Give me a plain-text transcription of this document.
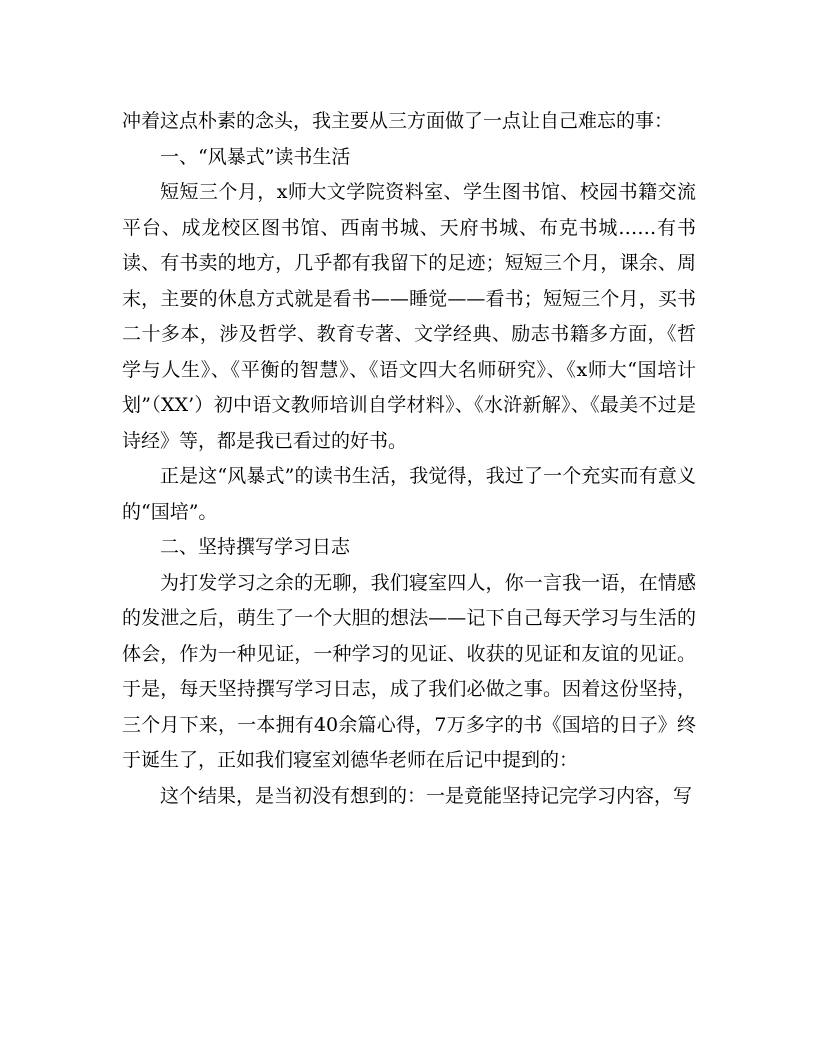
冲着这点朴素的念头，我主要从三方面做了一点让自己难忘的事：

一、“风暴式”读书生活

短短三个月，x师大文学院资料室、学生图书馆、校园书籍交流平台、成龙校区图书馆、西南书城、天府书城、布克书城……有书读、有书卖的地方，几乎都有我留下的足迹；短短三个月，课余、周末，主要的休息方式就是看书——睡觉——看书；短短三个月，买书二十多本，涉及哲学、教育专著、文学经典、励志书籍多方面，《哲学与人生》、《平衡的智慧》、《语文四大名师研究》、《x师大“国培计划”（XX’）初中语文教师培训自学材料》、《水浒新解》、《最美不过是诗经》等，都是我已看过的好书。

正是这“风暴式”的读书生活，我觉得，我过了一个充实而有意义的“国培”。

二、坚持撰写学习日志

为打发学习之余的无聊，我们寝室四人，你一言我一语，在情感的发泄之后，萌生了一个大胆的想法——记下自己每天学习与生活的体会，作为一种见证，一种学习的见证、收获的见证和友谊的见证。于是，每天坚持撰写学习日志，成了我们必做之事。因着这份坚持，三个月下来，一本拥有40余篇心得，7万多字的书《国培的日子》终于诞生了，正如我们寝室刘德华老师在后记中提到的：

这个结果，是当初没有想到的：一是竟能坚持记完学习内容，写
